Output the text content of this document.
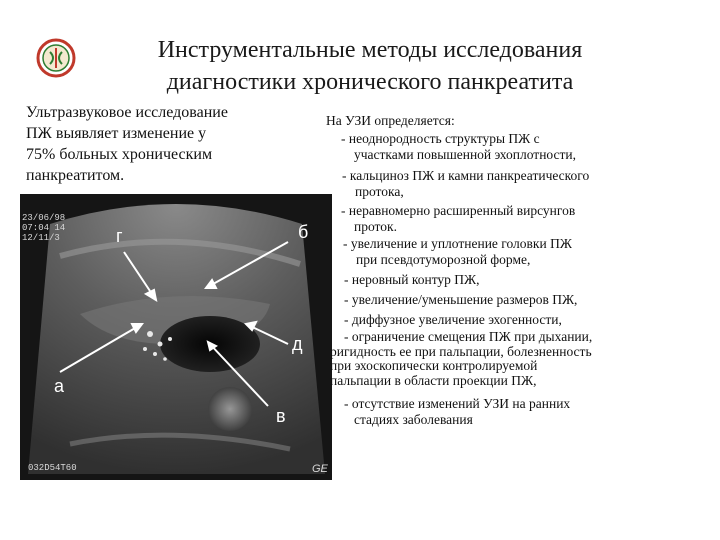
Инструментальные методы исследования
диагностики хронического панкреатита
Ультразвуковое исследование
ПЖ выявляет изменение у
75% больных хроническим
панкреатитом.
23/06/98
07:04 14
12/11/3
032D54T60	GE
г	б
а
д
в
На УЗИ определяется:
- неоднородность структуры ПЖ с
участками повышенной эхоплотности,
- кальциноз ПЖ и камни панкреатического
протока,
- неравномерно расширенный вирсунгов
проток.
- увеличение и уплотнение головки ПЖ
при псевдотуморозной форме,
- неровный контур ПЖ,
- увеличение/уменьшение размеров ПЖ,
- диффузное увеличение эхогенности,
- ограничение смещения ПЖ при дыхании,
ригидность ее при пальпации, болезненность
при эхоскопически контролируемой
пальпации в области проекции ПЖ,
- отсутствие изменений УЗИ на ранних
стадиях заболевания
